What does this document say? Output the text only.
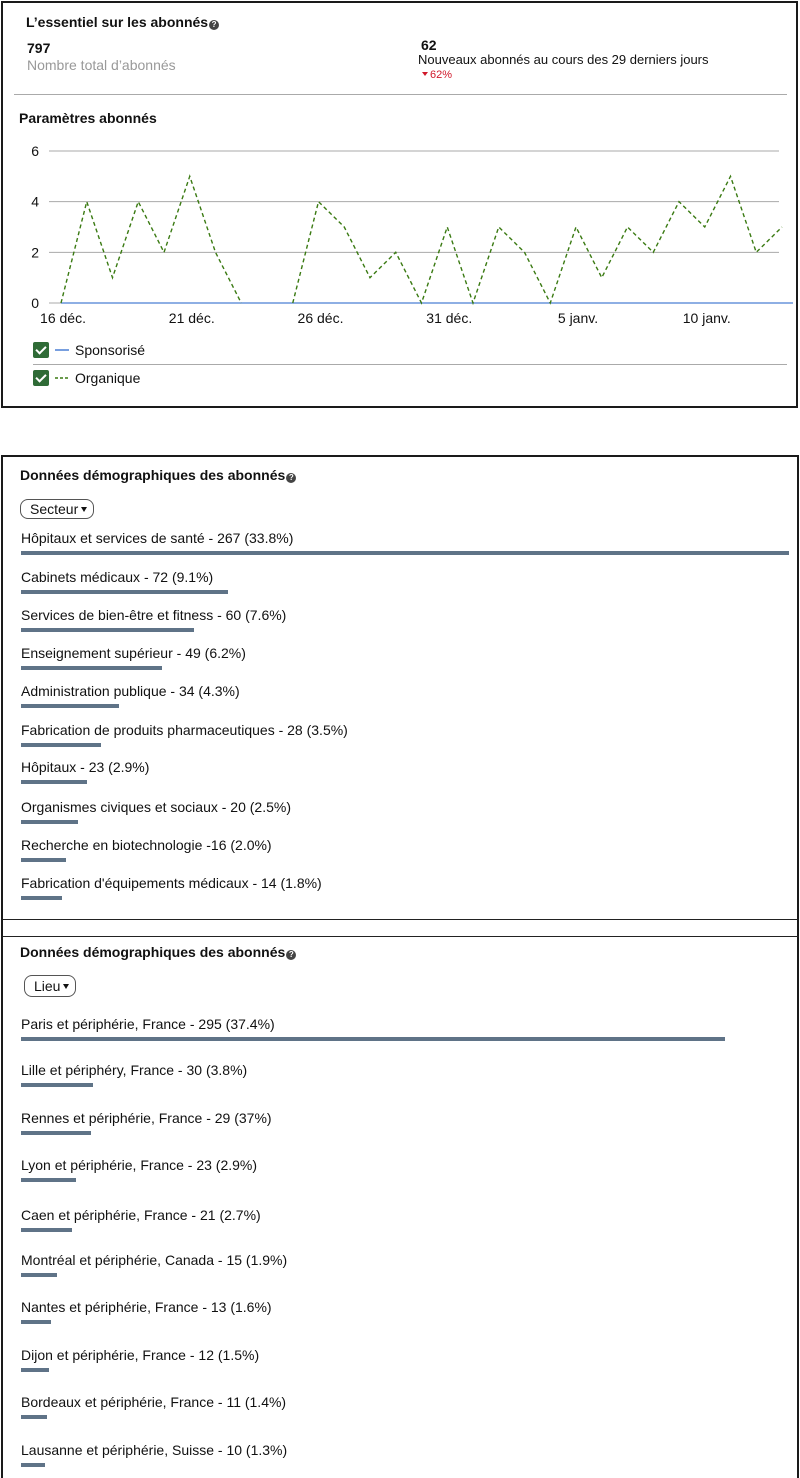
L’essentiel sur les abonnés ?
797
Nombre total d’abonnés
62
Nouveaux abonnés au cours des 29 derniers jours
62%
Paramètres abonnés
0
2
4
6
16 déc.	21 déc.	26 déc.	31 déc.	5 janv.	10 janv.
Sponsorisé
Organique
Données démographiques des abonnés ?
Secteur
Hôpitaux et services de santé - 267 (33.8%)
Cabinets médicaux - 72 (9.1%)
Services de bien-être et fitness - 60 (7.6%)
Enseignement supérieur - 49 (6.2%)
Administration publique - 34 (4.3%)
Fabrication de produits pharmaceutiques - 28 (3.5%)
Hôpitaux - 23 (2.9%)
Organismes civiques et sociaux - 20 (2.5%)
Recherche en biotechnologie -16 (2.0%)
Fabrication d'équipements médicaux - 14 (1.8%)
Données démographiques des abonnés ?
Lieu
Paris et périphérie, France - 295 (37.4%)
Lille et périphéry, France - 30 (3.8%)
Rennes et périphérie, France - 29 (37%)
Lyon et périphérie, France - 23 (2.9%)
Caen et périphérie, France - 21 (2.7%)
Montréal et périphérie, Canada - 15 (1.9%)
Nantes et périphérie, France - 13 (1.6%)
Dijon et périphérie, France - 12 (1.5%)
Bordeaux et périphérie, France - 11 (1.4%)
Lausanne et périphérie, Suisse - 10 (1.3%)
